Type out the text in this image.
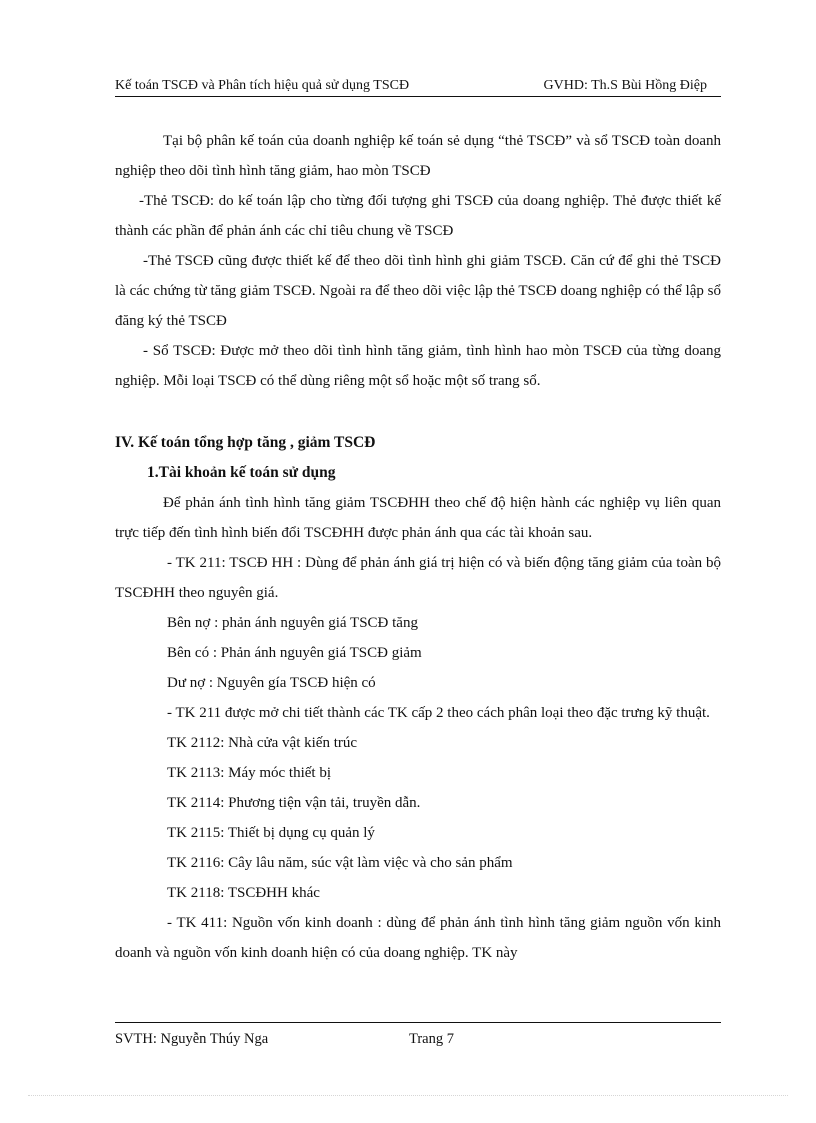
Kế toán TSCĐ và Phân tích hiệu quả sử dụng TSCĐ	GVHD: Th.S Bùi Hồng Điệp

Tại bộ phân kế toán của doanh nghiệp kế toán sẻ dụng “thẻ TSCĐ” và sổ TSCĐ toàn doanh nghiệp theo dõi tình hình tăng giảm, hao mòn TSCĐ

-Thẻ TSCĐ: do kế toán lập cho từng đối tượng ghi TSCĐ của doang nghiệp. Thẻ được thiết kế thành các phần để phản ánh các chỉ tiêu chung về TSCĐ

-Thẻ TSCĐ cũng được thiết kế để theo dõi tình hình ghi giảm TSCĐ. Căn cứ để ghi thẻ TSCĐ là các chứng từ tăng giảm TSCĐ. Ngoài ra để theo dõi việc lập thẻ TSCĐ doang nghiệp có thể lập sổ đăng ký thẻ TSCĐ

- Sổ TSCĐ: Được mở theo dõi tình hình tăng giảm, tình hình hao mòn TSCĐ của từng doang nghiệp. Mỗi loại TSCĐ có thể dùng riêng một sổ hoặc một số trang sổ.

IV. Kế toán tổng hợp tăng , giảm TSCĐ

1.Tài khoản kế toán sử dụng

Để phản ánh tình hình tăng giảm TSCĐHH theo chế độ hiện hành các nghiệp vụ liên quan trực tiếp đến tình hình biến đổi TSCĐHH được phản ánh qua các tài khoản sau.

- TK 211: TSCĐ HH : Dùng để phản ánh giá trị hiện có và biến động tăng giảm của toàn bộ TSCĐHH theo nguyên giá.

Bên nợ : phản ánh nguyên giá TSCĐ tăng

Bên có : Phản ánh nguyên giá TSCĐ giảm

Dư nợ : Nguyên gía TSCĐ hiện có

- TK 211 được mở chi tiết thành các TK cấp 2 theo cách phân loại theo đặc trưng kỹ thuật.

TK 2112: Nhà cửa vật kiến trúc

TK 2113: Máy móc thiết bị

TK 2114: Phương tiện vận tải, truyền dẫn.

TK 2115: Thiết bị dụng cụ quản lý

TK 2116: Cây lâu năm, súc vật làm việc và cho sản phẩm

TK 2118: TSCĐHH khác

- TK 411: Nguồn vốn kinh doanh : dùng để phản ánh tình hình tăng giảm nguồn vốn kinh doanh và nguồn vốn kinh doanh hiện có của doang nghiệp. TK này

SVTH: Nguyễn Thúy Nga	Trang 7
